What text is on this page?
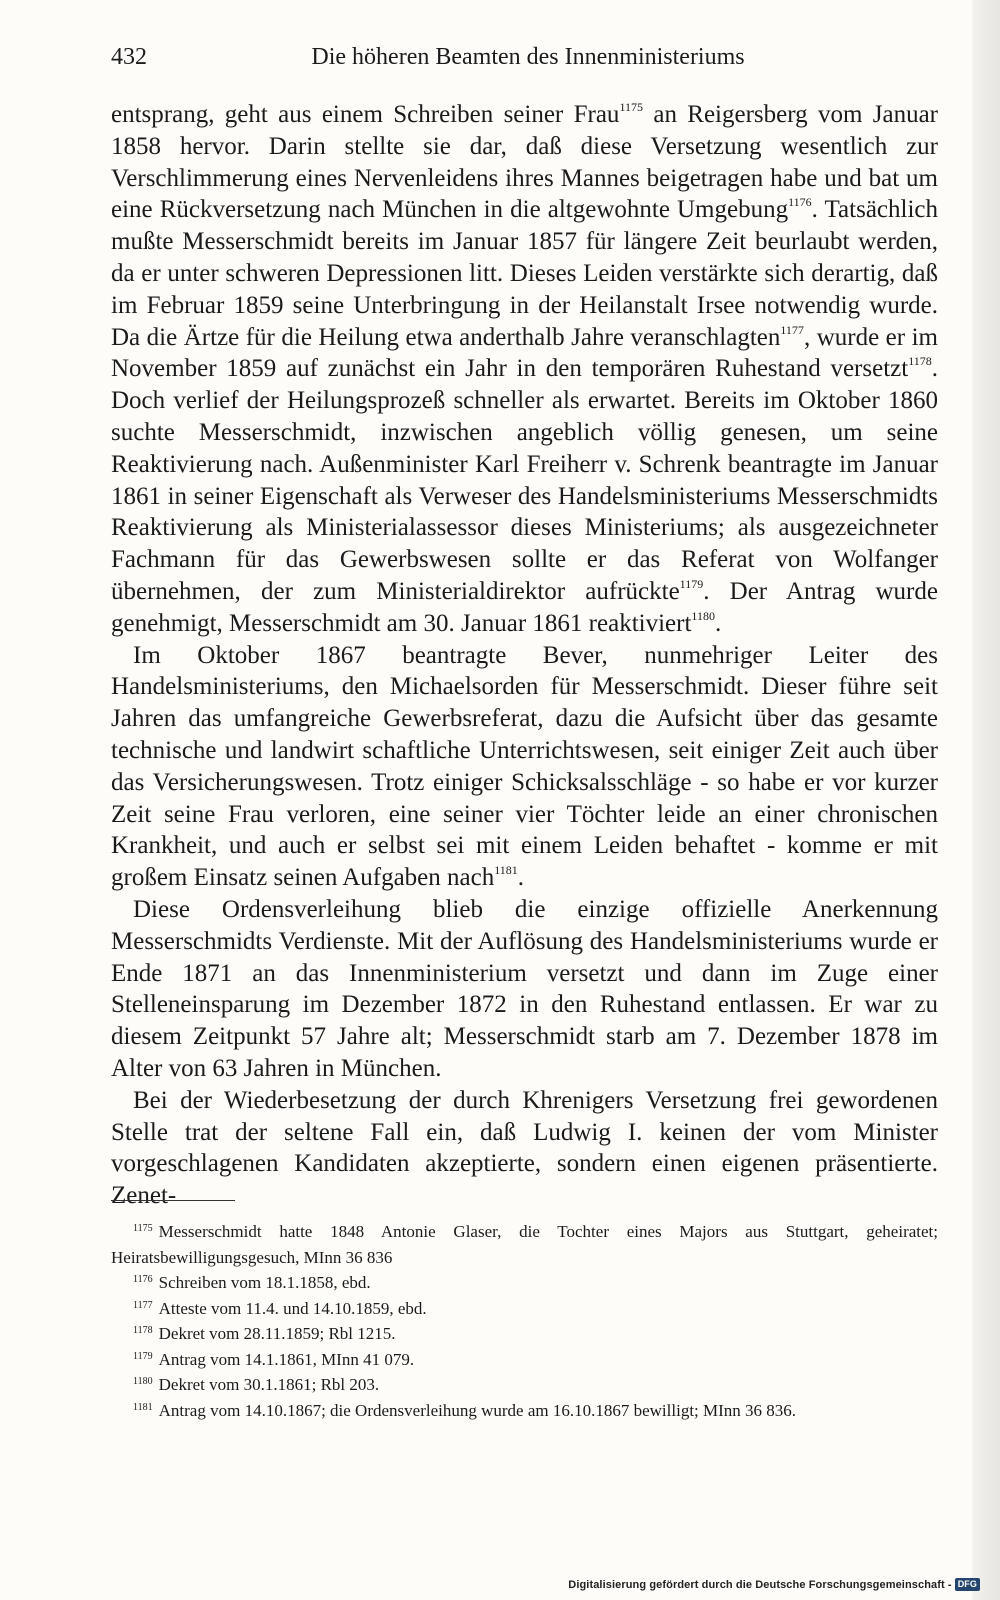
432	Die höheren Beamten des Innenministeriums

entsprang, geht aus einem Schreiben seiner Frau$^{1175}$ an Reigersberg vom Januar 1858 hervor. Darin stellte sie dar, daß diese Versetzung wesentlich zur Verschlimmerung eines Nervenleidens ihres Mannes beigetragen habe und bat um eine Rückversetzung nach München in die altgewohnte Umgebung$^{1176}$. Tatsächlich mußte Messerschmidt bereits im Januar 1857 für längere Zeit beurlaubt werden, da er unter schweren Depressionen litt. Dieses Leiden verstärkte sich derartig, daß im Februar 1859 seine Unterbringung in der Heilanstalt Irsee notwendig wurde. Da die Ärtze für die Heilung etwa anderthalb Jahre veranschlagten$^{1177}$, wurde er im November 1859 auf zunächst ein Jahr in den temporären Ruhestand versetzt$^{1178}$. Doch verlief der Heilungsprozeß schneller als erwartet. Bereits im Oktober 1860 suchte Messerschmidt, inzwischen angeblich völlig genesen, um seine Reaktivierung nach. Außenminister Karl Freiherr v. Schrenk beantragte im Januar 1861 in seiner Eigenschaft als Verweser des Handelsministeriums Messerschmidts Reaktivierung als Ministerialassessor dieses Ministeriums; als ausgezeichneter Fachmann für das Gewerbswesen sollte er das Referat von Wolfanger übernehmen, der zum Ministerialdirektor aufrückte$^{1179}$. Der Antrag wurde genehmigt, Messerschmidt am 30. Januar 1861 reaktiviert$^{1180}$.

Im Oktober 1867 beantragte Bever, nunmehriger Leiter des Handelsministeriums, den Michaelsorden für Messerschmidt. Dieser führe seit Jahren das umfangreiche Gewerbsreferat, dazu die Aufsicht über das gesamte technische und landwirt schaftliche Unterrichtswesen, seit einiger Zeit auch über das Versicherungswesen. Trotz einiger Schicksalsschläge - so habe er vor kurzer Zeit seine Frau verloren, eine seiner vier Töchter leide an einer chronischen Krankheit, und auch er selbst sei mit einem Leiden behaftet - komme er mit großem Einsatz seinen Aufgaben nach$^{1181}$.

Diese Ordensverleihung blieb die einzige offizielle Anerkennung Messerschmidts Verdienste. Mit der Auflösung des Handelsministeriums wurde er Ende 1871 an das Innenministerium versetzt und dann im Zuge einer Stelleneinsparung im Dezember 1872 in den Ruhestand entlassen. Er war zu diesem Zeitpunkt 57 Jahre alt; Messerschmidt starb am 7. Dezember 1878 im Alter von 63 Jahren in München.

Bei der Wiederbesetzung der durch Khrenigers Versetzung frei gewordenen Stelle trat der seltene Fall ein, daß Ludwig I. keinen der vom Minister vorgeschlagenen Kandidaten akzeptierte, sondern einen eigenen präsentierte. Zenet-

$^{1175}$ Messerschmidt hatte 1848 Antonie Glaser, die Tochter eines Majors aus Stuttgart, geheiratet; Heiratsbewilligungsgesuch, MInn 36 836

$^{1176}$ Schreiben vom 18.1.1858, ebd.

$^{1177}$ Atteste vom 11.4. und 14.10.1859, ebd.

$^{1178}$ Dekret vom 28.11.1859; Rbl 1215.

$^{1179}$ Antrag vom 14.1.1861, MInn 41 079.

$^{1180}$ Dekret vom 30.1.1861; Rbl 203.

$^{1181}$ Antrag vom 14.10.1867; die Ordensverleihung wurde am 16.10.1867 bewilligt; MInn 36 836.

Digitalisierung gefördert durch die Deutsche Forschungsgemeinschaft - DFG
